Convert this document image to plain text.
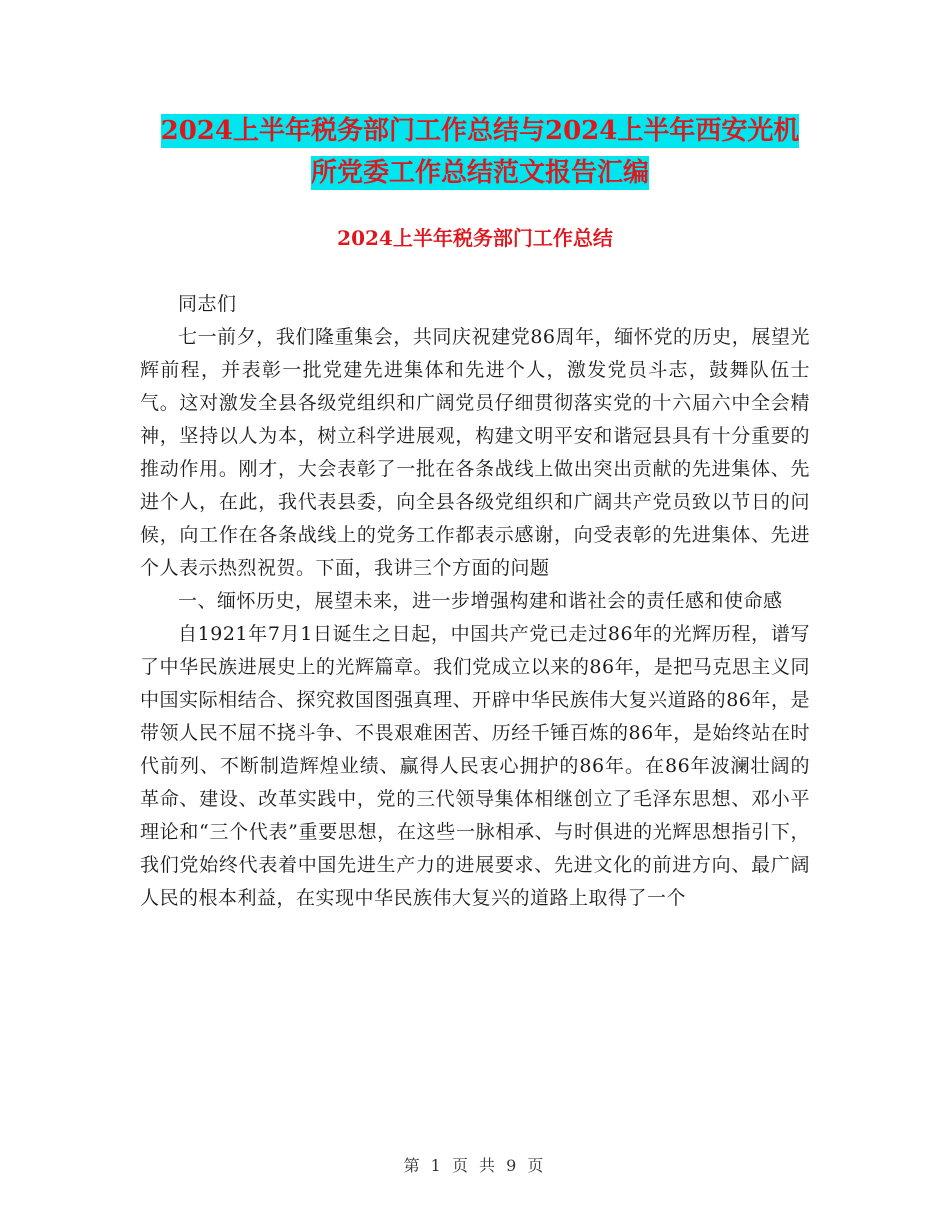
2024上半年税务部门工作总结与2024上半年西安光机
所党委工作总结范文报告汇编
2024上半年税务部门工作总结

同志们

七一前夕，我们隆重集会，共同庆祝建党86周年，缅怀党的历史，展望光辉前程，并表彰一批党建先进集体和先进个人，激发党员斗志，鼓舞队伍士气。这对激发全县各级党组织和广阔党员仔细贯彻落实党的十六届六中全会精神，坚持以人为本，树立科学进展观，构建文明平安和谐冠县具有十分重要的推动作用。刚才，大会表彰了一批在各条战线上做出突出贡献的先进集体、先进个人，在此，我代表县委，向全县各级党组织和广阔共产党员致以节日的问候，向工作在各条战线上的党务工作都表示感谢，向受表彰的先进集体、先进个人表示热烈祝贺。下面，我讲三个方面的问题

一、缅怀历史，展望未来，进一步增强构建和谐社会的责任感和使命感

自1921年7月1日诞生之日起，中国共产党已走过86年的光辉历程，谱写了中华民族进展史上的光辉篇章。我们党成立以来的86年，是把马克思主义同中国实际相结合、探究救国图强真理、开辟中华民族伟大复兴道路的86年，是带领人民不屈不挠斗争、不畏艰难困苦、历经千锤百炼的86年，是始终站在时代前列、不断制造辉煌业绩、赢得人民衷心拥护的86年。在86年波澜壮阔的革命、建设、改革实践中，党的三代领导集体相继创立了毛泽东思想、邓小平理论和“三个代表”重要思想，在这些一脉相承、与时俱进的光辉思想指引下，我们党始终代表着中国先进生产力的进展要求、先进文化的前进方向、最广阔人民的根本利益，在实现中华民族伟大复兴的道路上取得了一个

第 1 页 共 9 页
